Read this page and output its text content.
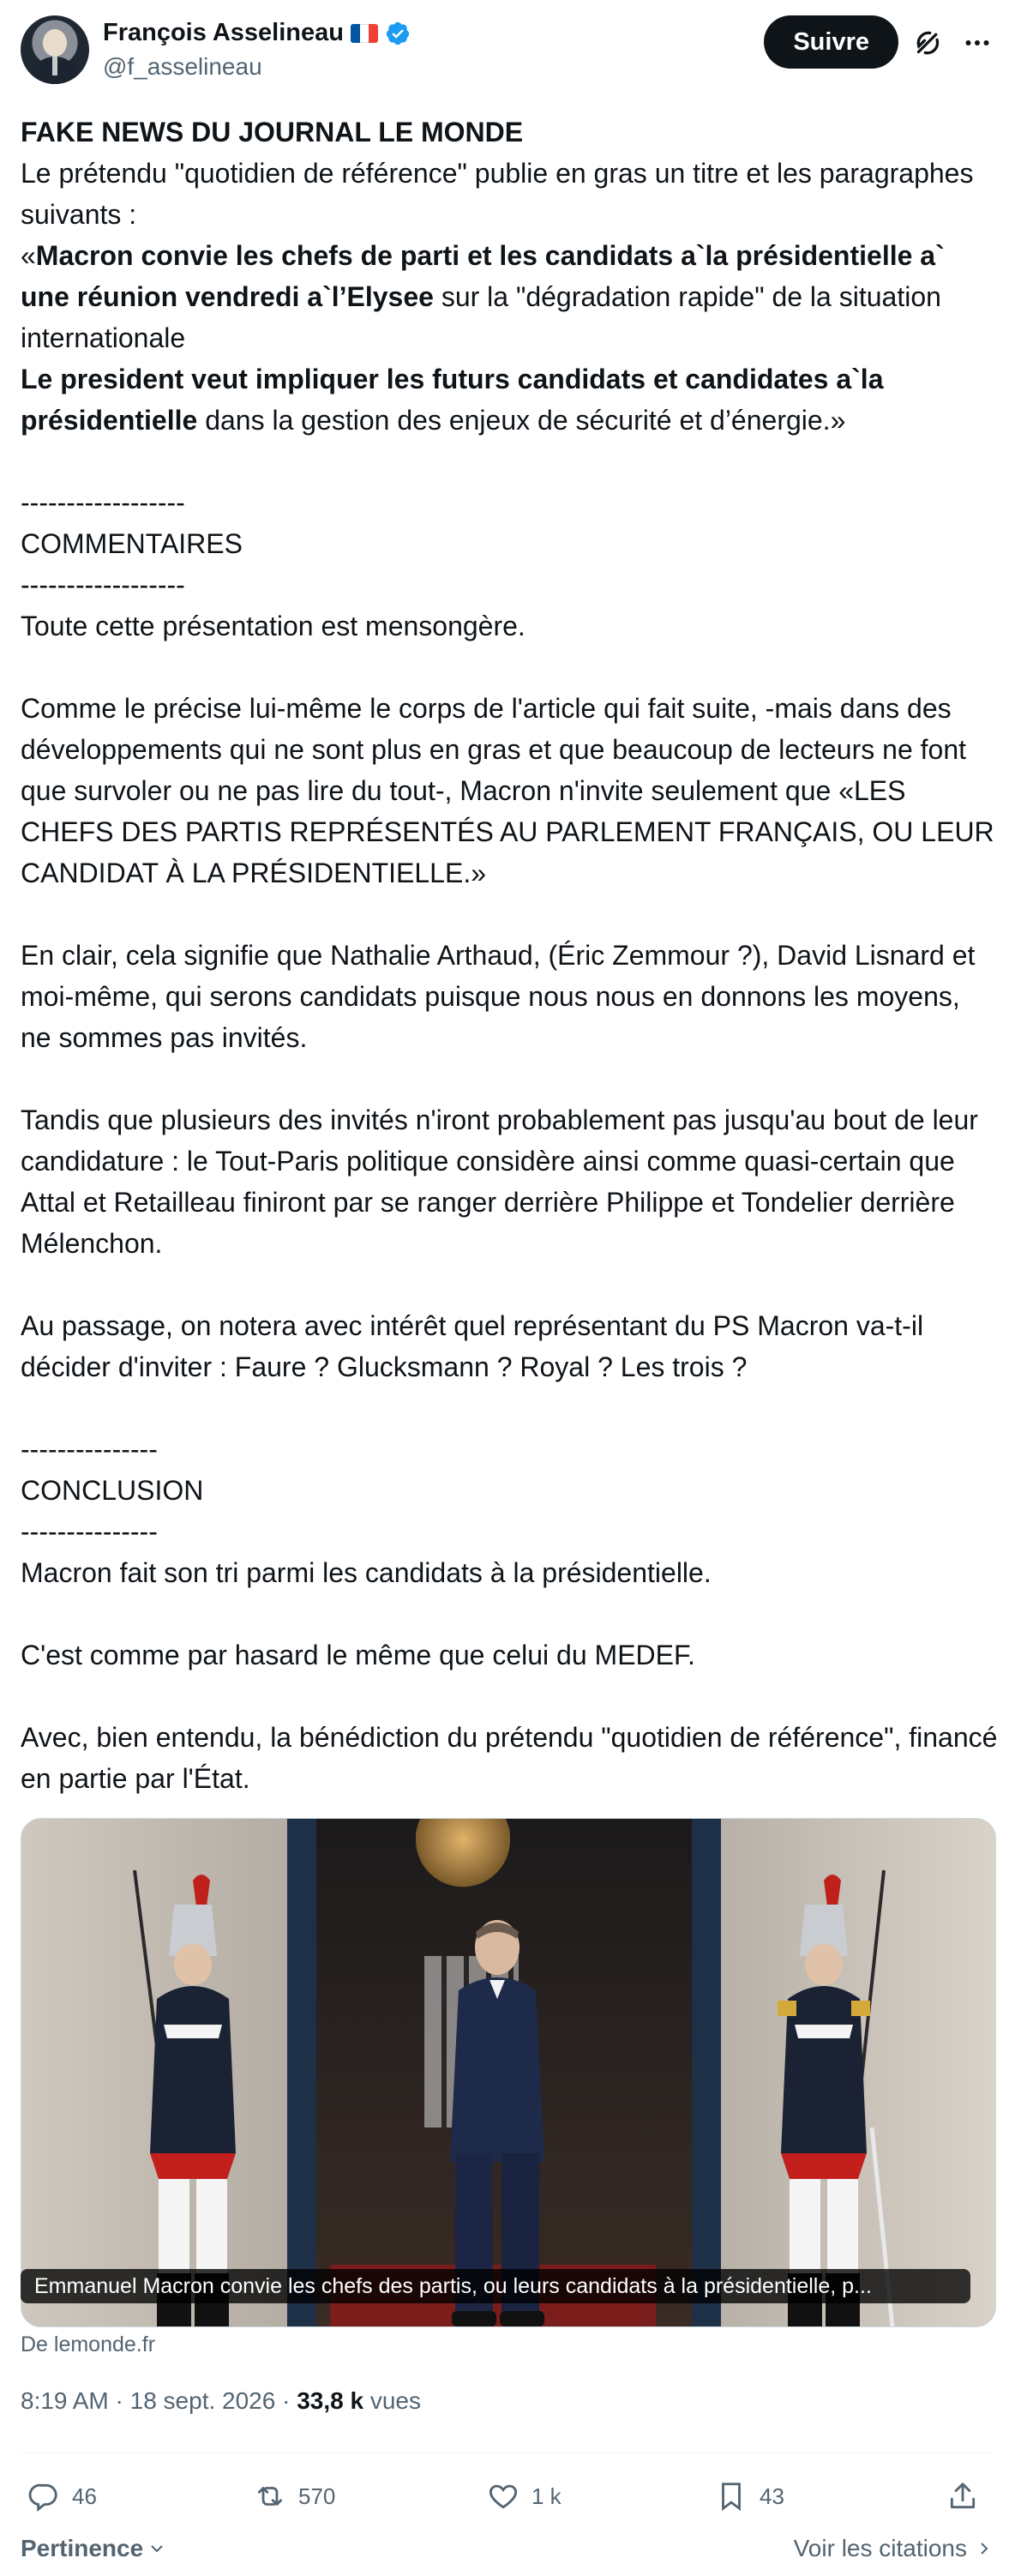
François Asselineau
@f_asselineau
Suivre

FAKE NEWS DU JOURNAL LE MONDE

Le prétendu "quotidien de référence" publie en gras un titre et les paragraphes suivants :

«Macron convie les chefs de parti et les candidats a`la présidentielle a` une réunion vendredi a`l’Elysee sur la "dégradation rapide" de la situation internationale

Le president veut impliquer les futurs candidats et candidates a`la présidentielle dans la gestion des enjeux de sécurité et d’énergie.»

------------------

COMMENTAIRES

------------------

Toute cette présentation est mensongère.

Comme le précise lui-même le corps de l'article qui fait suite, -mais dans des développements qui ne sont plus en gras et que beaucoup de lecteurs ne font que survoler ou ne pas lire du tout-, Macron n'invite seulement que «LES CHEFS DES PARTIS REPRÉSENTÉS AU PARLEMENT FRANÇAIS, OU LEUR CANDIDAT À LA PRÉSIDENTIELLE.»

En clair, cela signifie que Nathalie Arthaud, (Éric Zemmour ?), David Lisnard et moi-même, qui serons candidats puisque nous nous en donnons les moyens, ne sommes pas invités.

Tandis que plusieurs des invités n'iront probablement pas jusqu'au bout de leur candidature : le Tout-Paris politique considère ainsi comme quasi-certain que Attal et Retailleau finiront par se ranger derrière Philippe et Tondelier derrière Mélenchon.

Au passage, on notera avec intérêt quel représentant du PS Macron va-t-il décider d'inviter : Faure ? Glucksmann ? Royal ? Les trois ?

---------------

CONCLUSION

---------------

Macron fait son tri parmi les candidats à la présidentielle.

C'est comme par hasard le même que celui du MEDEF.

Avec, bien entendu, la bénédiction du prétendu "quotidien de référence", financé en partie par l'État.

Emmanuel Macron convie les chefs des partis, ou leurs candidats à la présidentielle, p...
De lemonde.fr
8:19 AM · 18 sept. 2026 · 33,8 k vues
46	570	1 k	43
Pertinence	Voir les citations
